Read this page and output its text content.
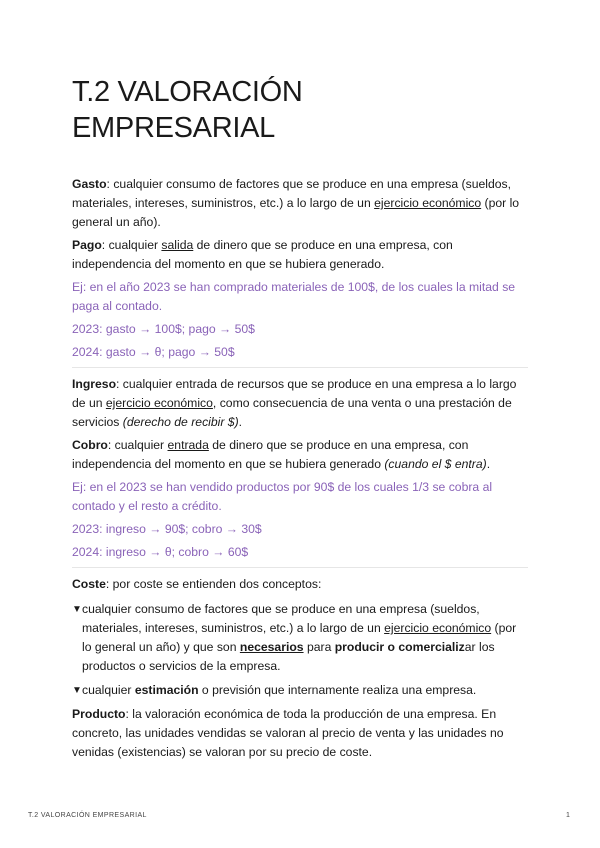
T.2 VALORACIÓN
EMPRESARIAL

Gasto: cualquier consumo de factores que se produce en una empresa (sueldos, materiales, intereses, suministros, etc.) a lo largo de un ejercicio económico (por lo general un año).

Pago: cualquier salida de dinero que se produce en una empresa, con independencia del momento en que se hubiera generado.

Ej: en el año 2023 se han comprado materiales de 100$, de los cuales la mitad se paga al contado.

2023: gasto → 100$; pago → 50$

2024: gasto → θ; pago → 50$

Ingreso: cualquier entrada de recursos que se produce en una empresa a lo largo de un ejercicio económico, como consecuencia de una venta o una prestación de servicios (derecho de recibir $).

Cobro: cualquier entrada de dinero que se produce en una empresa, con independencia del momento en que se hubiera generado (cuando el $ entra).

Ej: en el 2023 se han vendido productos por 90$ de los cuales 1/3 se cobra al contado y el resto a crédito.

2023: ingreso → 90$; cobro → 30$

2024: ingreso → θ; cobro → 60$

Coste: por coste se entienden dos conceptos:

▼ cualquier consumo de factores que se produce en una empresa (sueldos, materiales, intereses, suministros, etc.) a lo largo de un ejercicio económico (por lo general un año) y que son necesarios para producir o comercializar los productos o servicios de la empresa.
▼ cualquier estimación o previsión que internamente realiza una empresa.

Producto: la valoración económica de toda la producción de una empresa. En concreto, las unidades vendidas se valoran al precio de venta y las unidades no venidas (existencias) se valoran por su precio de coste.

T.2 VALORACIÓN EMPRESARIAL	1
